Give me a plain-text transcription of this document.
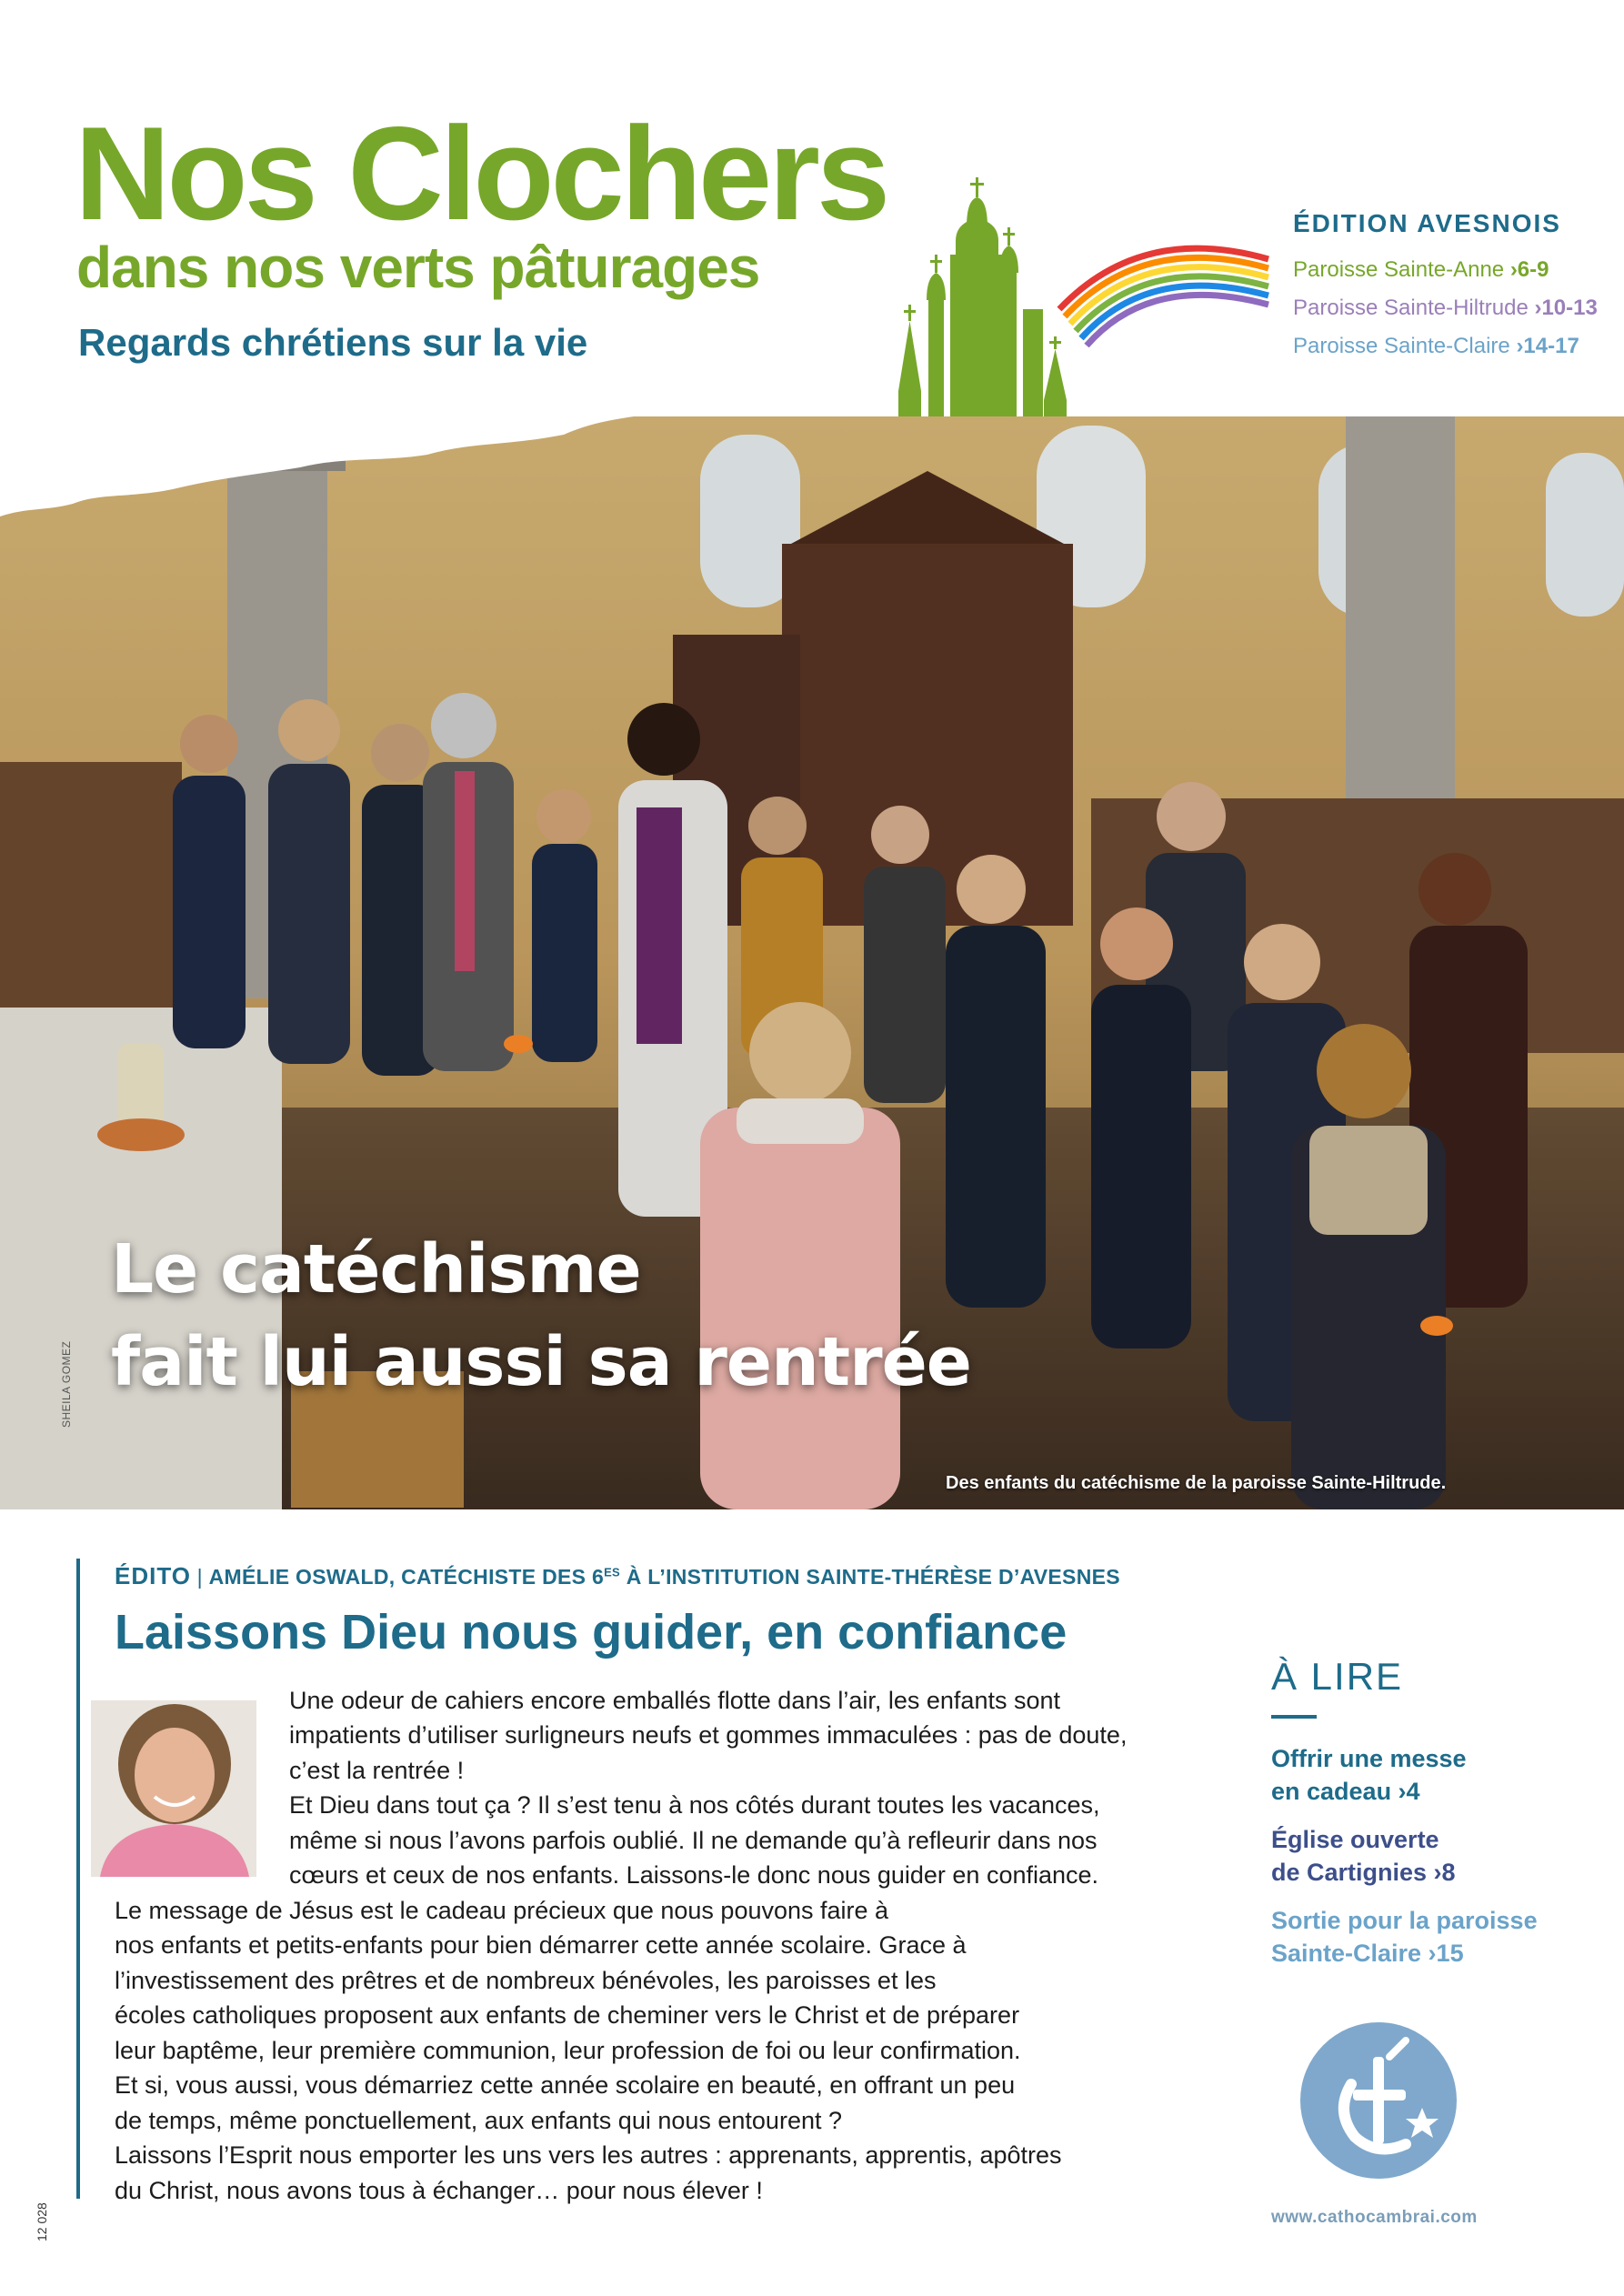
Nos Clochers
dans nos verts pâturages
Regards chrétiens sur la vie
ÉDITION AVESNOIS
Paroisse Sainte-Anne ›6-9
Paroisse Sainte-Hiltrude ›10-13
Paroisse Sainte-Claire ›14-17
Le catéchisme
fait lui aussi sa rentrée
Des enfants du catéchisme de la paroisse Sainte-Hiltrude.
SHEILA GOMEZ
ÉDITO | AMÉLIE OSWALD, CATÉCHISTE DES $6^{ES}$ À L’INSTITUTION SAINTE-THÉRÈSE D’AVESNES
Laissons Dieu nous guider, en confiance
Une odeur de cahiers encore emballés flotte dans l’air, les enfants sont
impatients d’utiliser surligneurs neufs et gommes immaculées : pas de doute,
c’est la rentrée !
Et Dieu dans tout ça ? Il s’est tenu à nos côtés durant toutes les vacances,
même si nous l’avons parfois oublié. Il ne demande qu’à refleurir dans nos
cœurs et ceux de nos enfants. Laissons-le donc nous guider en confiance.
Le message de Jésus est le cadeau précieux que nous pouvons faire à
nos enfants et petits-enfants pour bien démarrer cette année scolaire. Grace à
l’investissement des prêtres et de nombreux bénévoles, les paroisses et les
écoles catholiques proposent aux enfants de cheminer vers le Christ et de préparer
leur baptême, leur première communion, leur profession de foi ou leur confirmation.
Et si, vous aussi, vous démarriez cette année scolaire en beauté, en offrant un peu
de temps, même ponctuellement, aux enfants qui nous entourent ?
Laissons l’Esprit nous emporter les uns vers les autres : apprenants, apprentis, apôtres
du Christ, nous avons tous à échanger… pour nous élever !
À LIRE
Offrir une messe
en cadeau ›4
Église ouverte
de Cartignies ›8
Sortie pour la paroisse
Sainte-Claire ›15
www.cathocambrai.com
12 028
